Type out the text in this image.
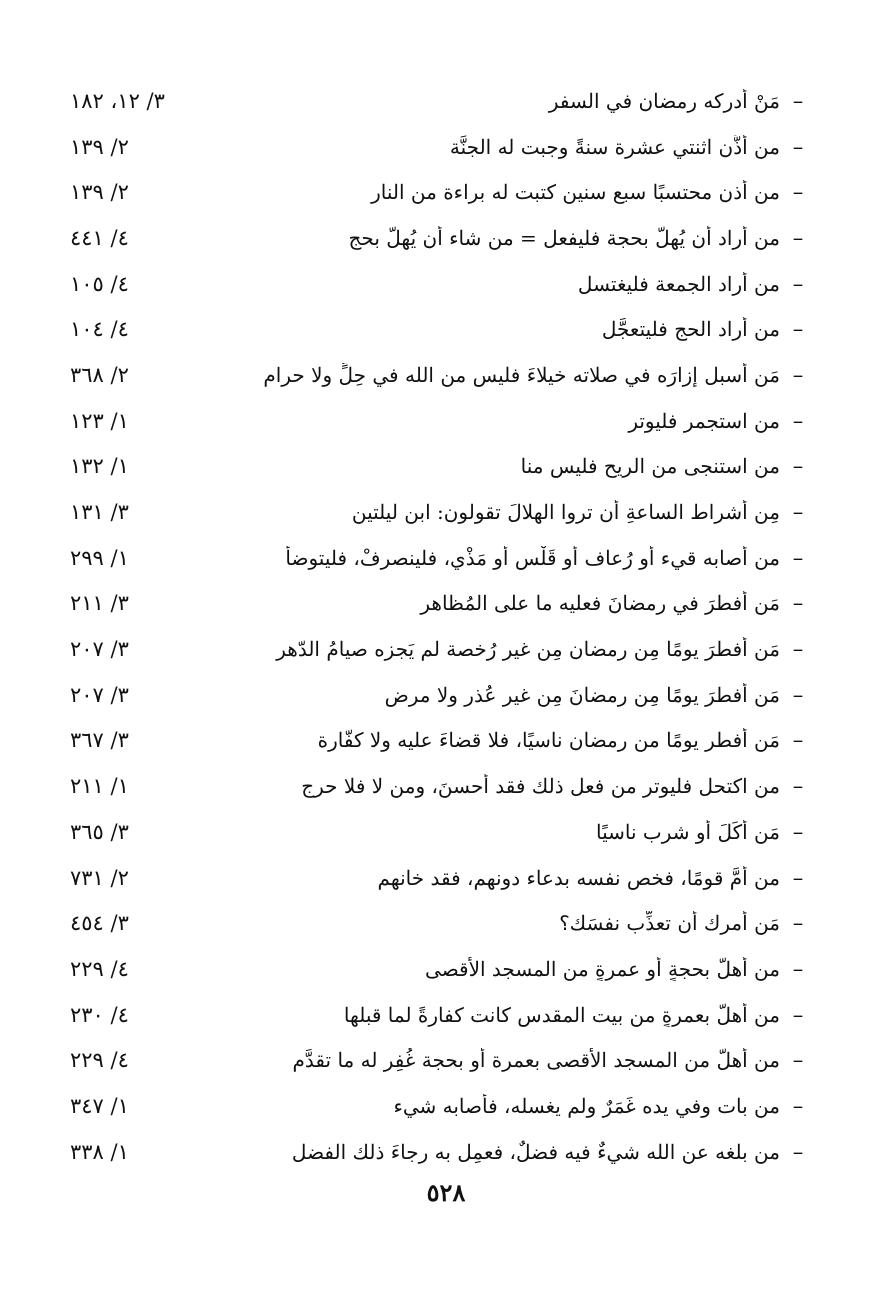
–
مَنْ أدركه رمضان في السفر
٣/ ١٢، ١٨٢
–
من أذَّن اثنتي عشرة سنةً وجبت له الجنَّة
٢/ ١٣٩
–
من أذن محتسبًا سبع سنين كتبت له براءة من النار
٢/ ١٣٩
–
من أراد أن يُهِلَّ بحجة فليفعل = من شاء أن يُهِلَّ بحج
٤/ ٤٤١
–
من أراد الجمعة فليغتسل
٤/ ١٠٥
–
من أراد الحج فليتعجَّل
٤/ ١٠٤
–
مَن أسبل إزارَه في صلاته خيلاءَ فليس من الله في حِلٍّ ولا حرام
٢/ ٣٦٨
–
من استجمر فليوتر
١/ ١٢٣
–
من استنجى من الريح فليس منا
١/ ١٣٢
–
مِن أشراط الساعةِ أن تروا الهلالَ تقولون: ابن ليلتين
٣/ ١٣١
–
من أصابه قيء أو رُعاف أو قَلْس أو مَذْي، فلينصرِفْ، فليتوضأ
١/ ٢٩٩
–
مَن أفطرَ في رمضانَ فعليه ما على المُظاهر
٣/ ٢١١
–
مَن أفطرَ يومًا مِن رمضان مِن غير رُخصة لم يَجزِه صيامُ الدّهر
٣/ ٢٠٧
–
مَن أفطرَ يومًا مِن رمضانَ مِن غير عُذر ولا مرض
٣/ ٢٠٧
–
مَن أفطر يومًا من رمضان ناسيًا، فلا قضاءَ عليه ولا كفّارة
٣/ ٣٦٧
–
من اكتحل فليوتر من فعل ذلك فقد أحسنَ، ومن لا فلا حرج
١/ ٢١١
–
مَن أكَلَ أو شرب ناسيًا
٣/ ٣٦٥
–
من أمَّ قومًا، فخص نفسه بدعاء دونهم، فقد خانهم
٢/ ٧٣١
–
مَن أمرك أن تعذِّب نفسَك؟
٣/ ٤٥٤
–
من أهلَّ بحجةٍ أو عمرةٍ من المسجد الأقصى
٤/ ٢٢٩
–
من أهلَّ بعمرةٍ من بيت المقدس كانت كفارةً لما قبلها
٤/ ٢٣٠
–
من أهلَّ من المسجد الأقصى بعمرة أو بحجة غُفِر له ما تقدَّم
٤/ ٢٢٩
–
من بات وفي يده غَمَرٌ ولم يغسله، فأصابه شيء
١/ ٣٤٧
–
من بلغه عن الله شيءٌ فيه فضلٌ، فعمِل به رجاءَ ذلك الفضل
١/ ٣٣٨
٥٢٨
